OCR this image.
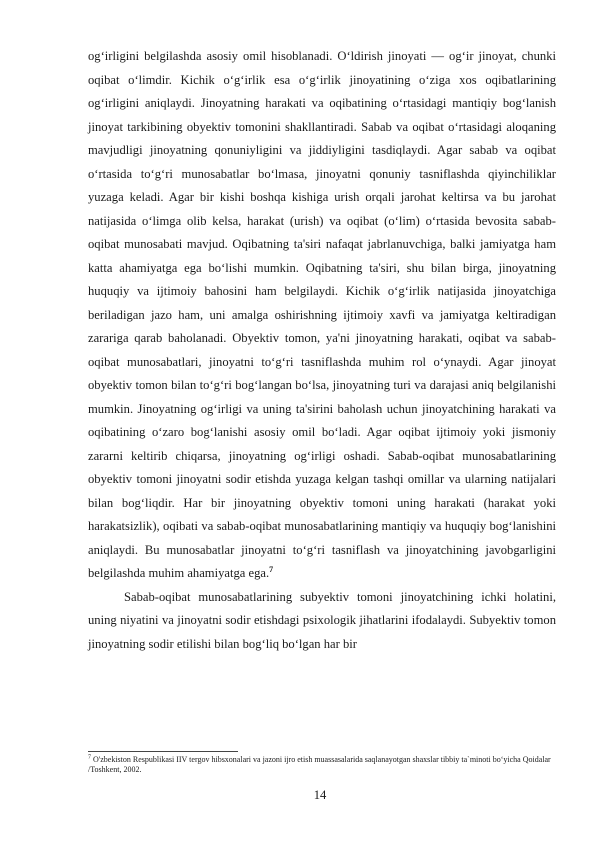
og‘irligini belgilashda asosiy omil hisoblanadi. O‘ldirish jinoyati — og‘ir jinoyat, chunki oqibat o‘limdir. Kichik o‘g‘irlik esa o‘g‘irlik jinoyatining o‘ziga xos oqibatlarining og‘irligini aniqlaydi. Jinoyatning harakati va oqibatining o‘rtasidagi mantiqiy bog‘lanish jinoyat tarkibining obyektiv tomonini shakllantiradi. Sabab va oqibat o‘rtasidagi aloqaning mavjudligi jinoyatning qonuniyligini va jiddiyligini tasdiqlaydi. Agar sabab va oqibat o‘rtasida to‘g‘ri munosabatlar bo‘lmasa, jinoyatni qonuniy tasniflashda qiyinchiliklar yuzaga keladi. Agar bir kishi boshqa kishiga urish orqali jarohat keltirsa va bu jarohat natijasida o‘limga olib kelsa, harakat (urish) va oqibat (o‘lim) o‘rtasida bevosita sabab-oqibat munosabati mavjud. Oqibatning ta'siri nafaqat jabrlanuvchiga, balki jamiyatga ham katta ahamiyatga ega bo‘lishi mumkin. Oqibatning ta'siri, shu bilan birga, jinoyatning huquqiy va ijtimoiy bahosini ham belgilaydi. Kichik o‘g‘irlik natijasida jinoyatchiga beriladigan jazo ham, uni amalga oshirishning ijtimoiy xavfi va jamiyatga keltiradigan zarariga qarab baholanadi. Obyektiv tomon, ya'ni jinoyatning harakati, oqibat va sabab-oqibat munosabatlari, jinoyatni to‘g‘ri tasniflashda muhim rol o‘ynaydi. Agar jinoyat obyektiv tomon bilan to‘g‘ri bog‘langan bo‘lsa, jinoyatning turi va darajasi aniq belgilanishi mumkin. Jinoyatning og‘irligi va uning ta'sirini baholash uchun jinoyatchining harakati va oqibatining o‘zaro bog‘lanishi asosiy omil bo‘ladi. Agar oqibat ijtimoiy yoki jismoniy zararni keltirib chiqarsa, jinoyatning og‘irligi oshadi. Sabab-oqibat munosabatlarining obyektiv tomoni jinoyatni sodir etishda yuzaga kelgan tashqi omillar va ularning natijalari bilan bog‘liqdir. Har bir jinoyatning obyektiv tomoni uning harakati (harakat yoki harakatsizlik), oqibati va sabab-oqibat munosabatlarining mantiqiy va huquqiy bog‘lanishini aniqlaydi. Bu munosabatlar jinoyatni to‘g‘ri tasniflash va jinoyatchining javobgarligini belgilashda muhim ahamiyatga ega.$^7$

Sabab-oqibat munosabatlarining subyektiv tomoni jinoyatchining ichki holatini, uning niyatini va jinoyatni sodir etishdagi psixologik jihatlarini ifodalaydi. Subyektiv tomon jinoyatning sodir etilishi bilan bog‘liq bo‘lgan har bir

$^7$ O'zbekiston Respublikasi IIV tergov hibsxonalari va jazoni ijro etish muassasalarida saqlanayotgan shaxslar tibbiy ta`minoti bo‘yicha Qoidalar /Toshkent, 2002.
14
